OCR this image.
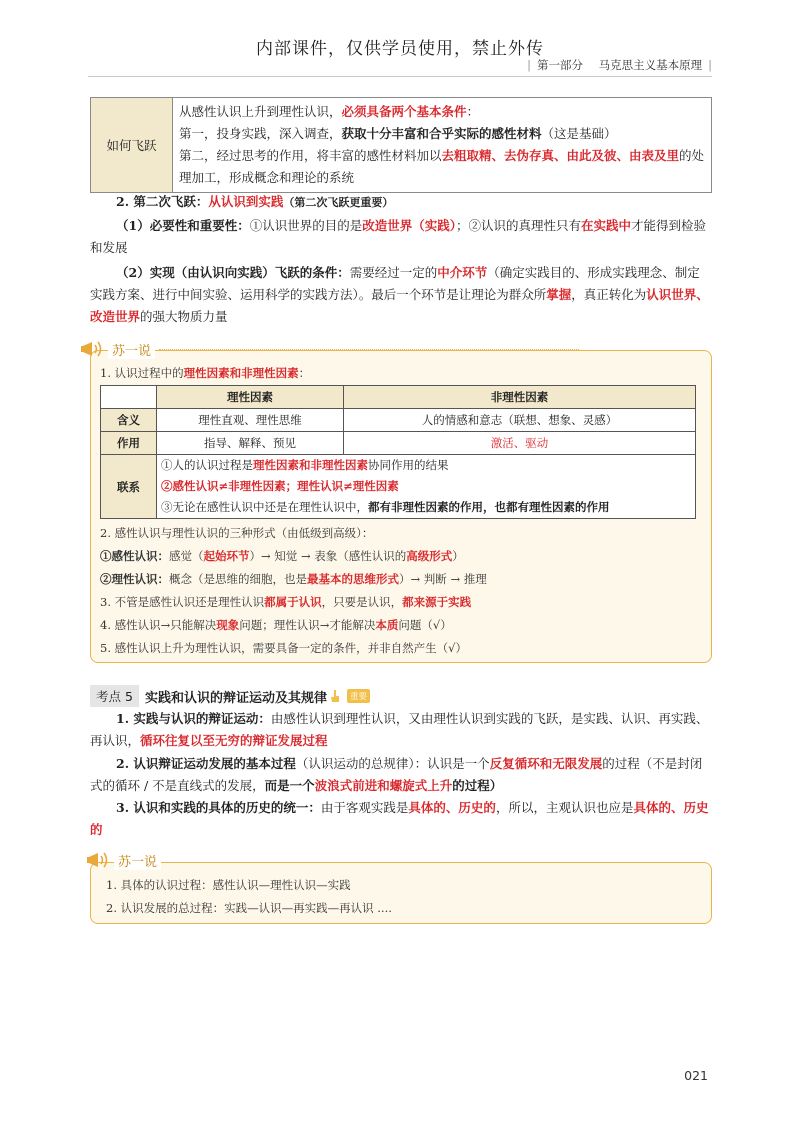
内部课件，仅供学员使用，禁止外传
| 第一部分 马克思主义基本原理 |
如何飞跃	
从感性认识上升到理性认识，必须具备两个基本条件：
第一，投身实践，深入调查，获取十分丰富和合乎实际的感性材料（这是基础）
第二，经过思考的作用，将丰富的感性材料加以去粗取精、去伪存真、由此及彼、由表及里的处理加工，形成概念和理论的系统
2. 第二次飞跃：从认识到实践（第二次飞跃更重要）
（1）必要性和重要性：①认识世界的目的是改造世界（实践）；②认识的真理性只有在实践中才能得到检验和发展
（2）实现（由认识向实践）飞跃的条件：需要经过一定的中介环节（确定实践目的、形成实践理念、制定实践方案、进行中间实验、运用科学的实践方法）。最后一个环节是让理论为群众所掌握，真正转化为认识世界、改造世界的强大物质力量
苏一说
1. 认识过程中的理性因素和非理性因素：
	理性因素	非理性因素
含义	理性直观、理性思维	人的情感和意志（联想、想象、灵感）
作用	指导、解释、预见	激活、驱动
联系	①人的认识过程是理性因素和非理性因素协同作用的结果
②感性认识≠非理性因素；理性认识≠理性因素
③无论在感性认识中还是在理性认识中，都有非理性因素的作用，也都有理性因素的作用	
2. 感性认识与理性认识的三种形式（由低级到高级）：
①感性认识：感觉（起始环节）→ 知觉 → 表象（感性认识的高级形式）
②理性认识：概念（是思维的细胞，也是最基本的思维形式）→ 判断 → 推理
3. 不管是感性认识还是理性认识都属于认识，只要是认识，都来源于实践
4. 感性认识→只能解决现象问题；理性认识→才能解决本质问题（√）
5. 感性认识上升为理性认识，需要具备一定的条件，并非自然产生（√）
考点 5 实践和认识的辩证运动及其规律	重要
1. 实践与认识的辩证运动：由感性认识到理性认识，又由理性认识到实践的飞跃，是实践、认识、再实践、再认识，循环往复以至无穷的辩证发展过程
2. 认识辩证运动发展的基本过程（认识运动的总规律）：认识是一个反复循环和无限发展的过程（不是封闭式的循环 / 不是直线式的发展，而是一个波浪式前进和螺旋式上升的过程）
3. 认识和实践的具体的历史的统一：由于客观实践是具体的、历史的，所以，主观认识也应是具体的、历史的
苏一说
1. 具体的认识过程：感性认识—理性认识—实践
2. 认识发展的总过程：实践—认识—再实践—再认识 ....
021
